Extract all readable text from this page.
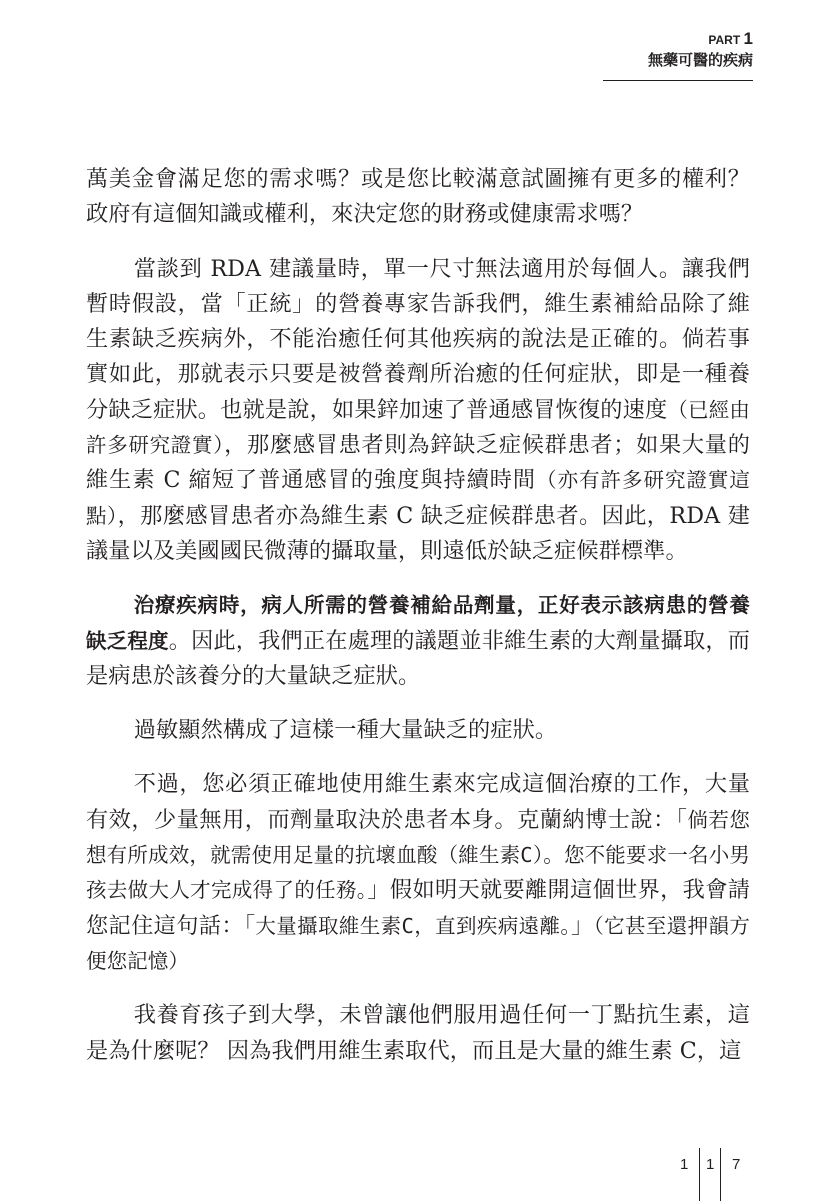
PART 1
無藥可醫的疾病

萬美金會滿足您的需求嗎？或是您比較滿意試圖擁有更多的權利？政府有這個知識或權利，來決定您的財務或健康需求嗎？

當談到 RDA 建議量時，單一尺寸無法適用於每個人。讓我們暫時假設，當「正統」的營養專家告訴我們，維生素補給品除了維生素缺乏疾病外，不能治癒任何其他疾病的說法是正確的。倘若事實如此，那就表示只要是被營養劑所治癒的任何症狀，即是一種養分缺乏症狀。也就是說，如果鋅加速了普通感冒恢復的速度（已經由許多研究證實），那麼感冒患者則為鋅缺乏症候群患者；如果大量的維生素 C 縮短了普通感冒的強度與持續時間（亦有許多研究證實這點），那麼感冒患者亦為維生素 C 缺乏症候群患者。因此，RDA 建議量以及美國國民微薄的攝取量，則遠低於缺乏症候群標準。

治療疾病時，病人所需的營養補給品劑量，正好表示該病患的營養缺乏程度。因此，我們正在處理的議題並非維生素的大劑量攝取，而是病患於該養分的大量缺乏症狀。

過敏顯然構成了這樣一種大量缺乏的症狀。

不過，您必須正確地使用維生素來完成這個治療的工作，大量有效，少量無用，而劑量取決於患者本身。克蘭納博士說：「倘若您想有所成效，就需使用足量的抗壞血酸（維生素C）。您不能要求一名小男孩去做大人才完成得了的任務。」假如明天就要離開這個世界，我會請您記住這句話：「大量攝取維生素C，直到疾病遠離。」（它甚至還押韻方便您記憶）

我養育孩子到大學，未曾讓他們服用過任何一丁點抗生素，這是為什麼呢？ 因為我們用維生素取代，而且是大量的維生素 C，這

1 1 7
